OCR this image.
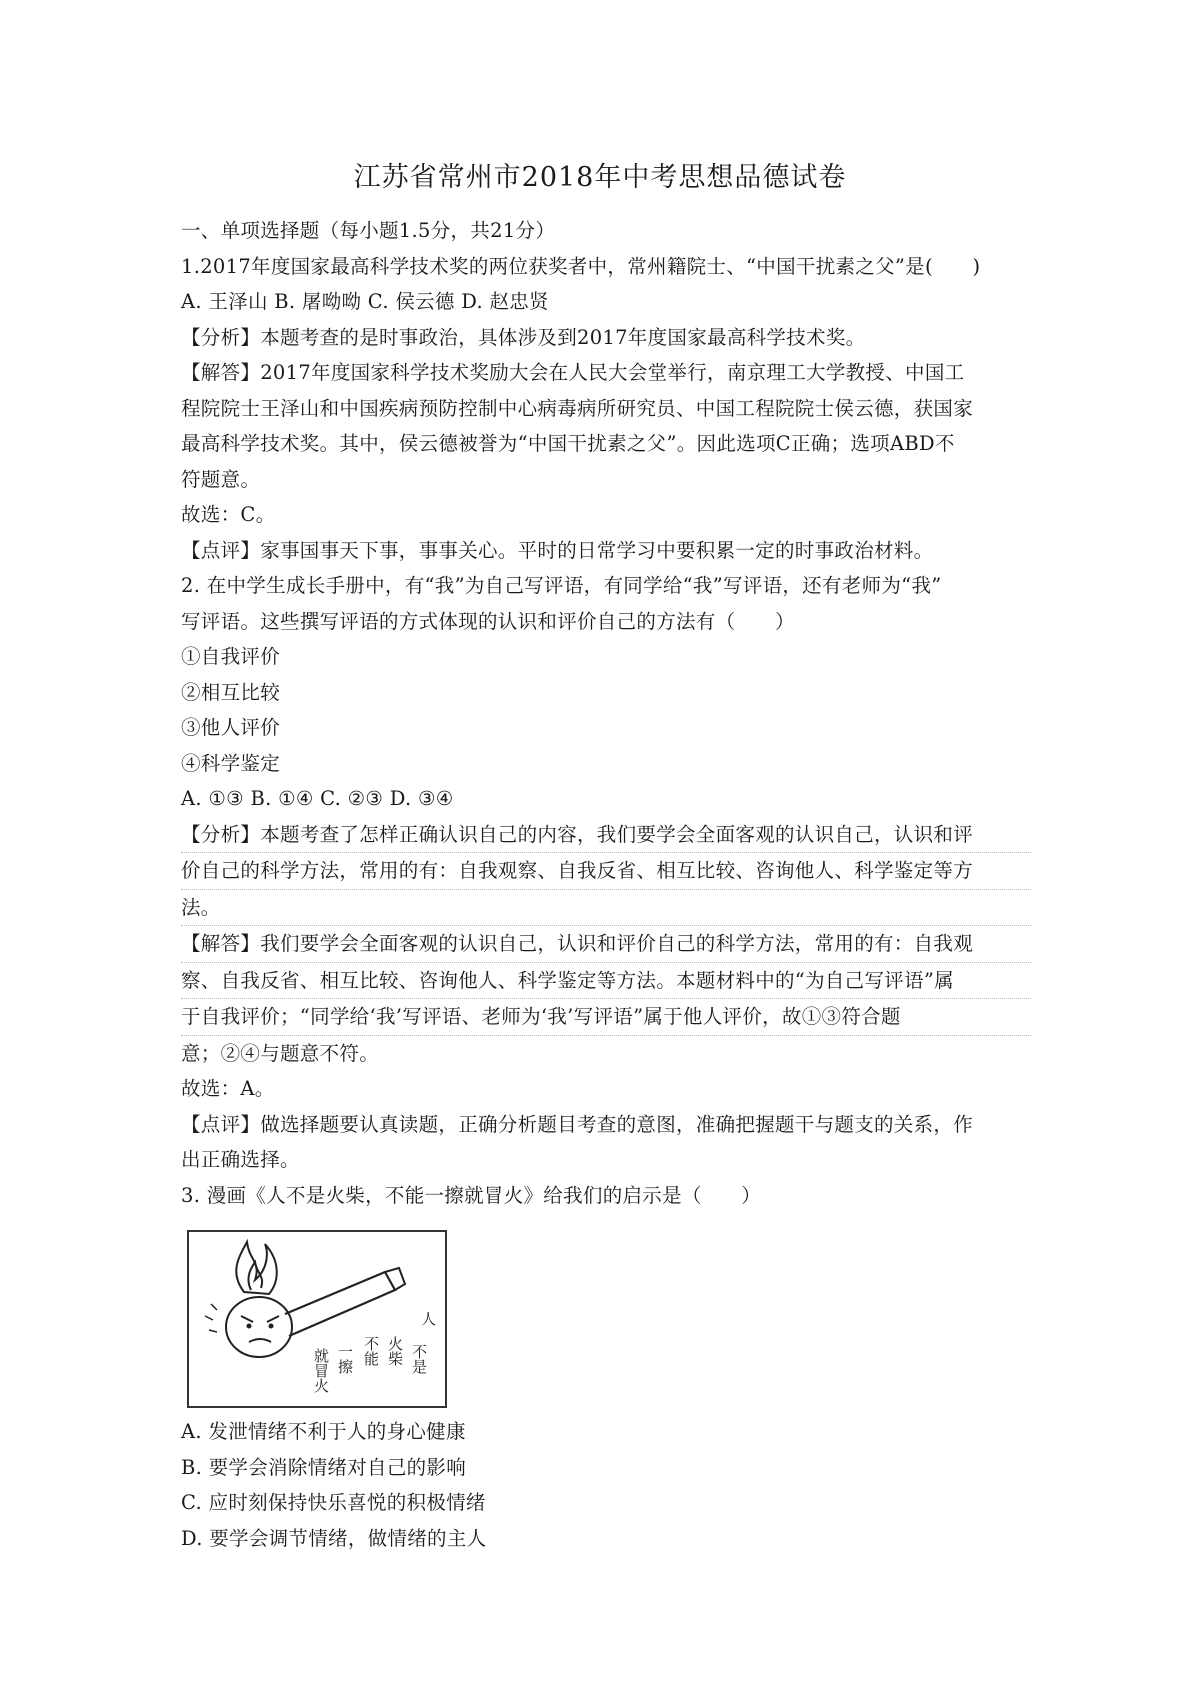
江苏省常州市2018年中考思想品德试卷
一、单项选择题（每小题1.5分，共21分）
1.2017年度国家最高科学技术奖的两位获奖者中，常州籍院士、“中国干扰素之父”是(　　)
A. 王泽山 B. 屠呦呦 C. 侯云德 D. 赵忠贤
【分析】本题考查的是时事政治，具体涉及到2017年度国家最高科学技术奖。
【解答】2017年度国家科学技术奖励大会在人民大会堂举行，南京理工大学教授、中国工
程院院士王泽山和中国疾病预防控制中心病毒病所研究员、中国工程院院士侯云德，获国家
最高科学技术奖。其中，侯云德被誉为“中国干扰素之父”。因此选项C正确；选项ABD不
符题意。
故选：C。
【点评】家事国事天下事，事事关心。平时的日常学习中要积累一定的时事政治材料。
2. 在中学生成长手册中，有“我”为自己写评语，有同学给“我”写评语，还有老师为“我”
写评语。这些撰写评语的方式体现的认识和评价自己的方法有（　　）
①自我评价
②相互比较
③他人评价
④科学鉴定
A. ①③ B. ①④ C. ②③ D. ③④
【分析】本题考查了怎样正确认识自己的内容，我们要学会全面客观的认识自己，认识和评
价自己的科学方法，常用的有：自我观察、自我反省、相互比较、咨询他人、科学鉴定等方
法。
【解答】我们要学会全面客观的认识自己，认识和评价自己的科学方法，常用的有：自我观
察、自我反省、相互比较、咨询他人、科学鉴定等方法。本题材料中的“为自己写评语”属
于自我评价；“同学给‘我’写评语、老师为‘我’写评语”属于他人评价，故①③符合题
意；②④与题意不符。
故选：A。
【点评】做选择题要认真读题，正确分析题目考查的意图，准确把握题干与题支的关系，作
出正确选择。
3. 漫画《人不是火柴，不能一擦就冒火》给我们的启示是（　　）
人
不是
火柴
不能
一擦
就冒火
A. 发泄情绪不利于人的身心健康
B. 要学会消除情绪对自己的影响
C. 应时刻保持快乐喜悦的积极情绪
D. 要学会调节情绪，做情绪的主人
